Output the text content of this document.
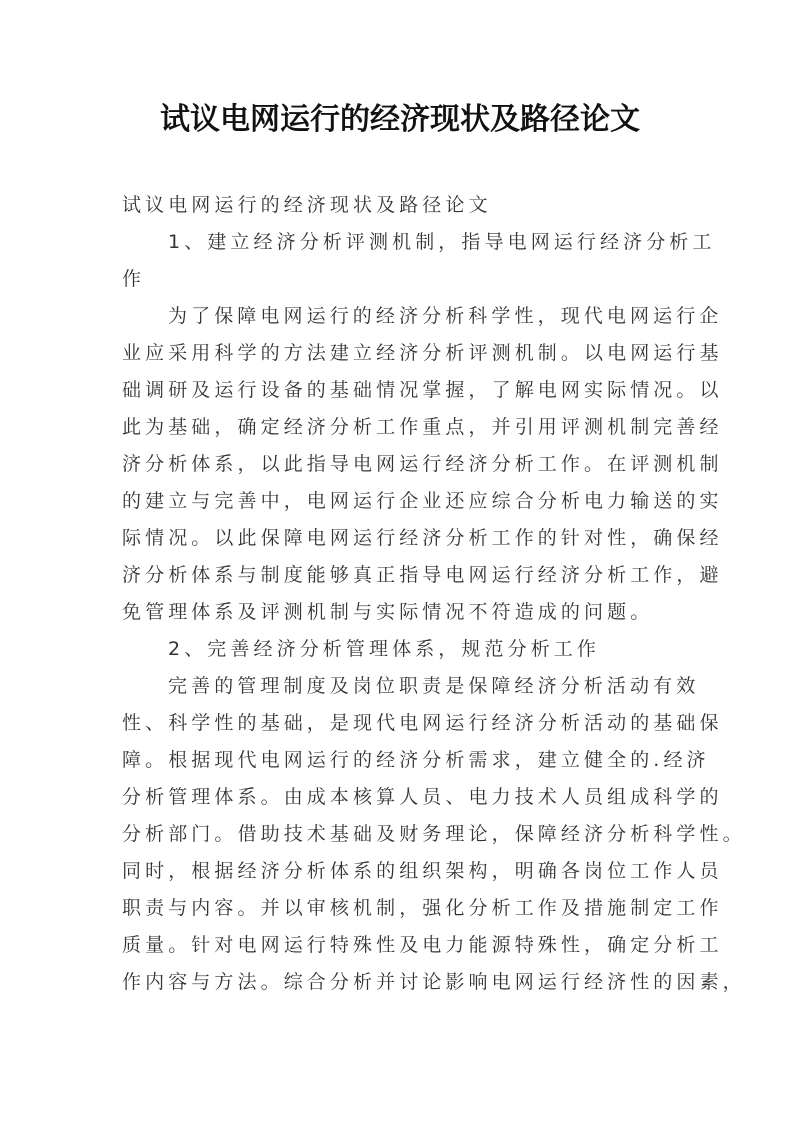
试议电网运行的经济现状及路径论文
试议电网运行的经济现状及路径论文
1、建立经济分析评测机制，指导电网运行经济分析工
作
为了保障电网运行的经济分析科学性，现代电网运行企
业应采用科学的方法建立经济分析评测机制。以电网运行基
础调研及运行设备的基础情况掌握，了解电网实际情况。以
此为基础，确定经济分析工作重点，并引用评测机制完善经
济分析体系，以此指导电网运行经济分析工作。在评测机制
的建立与完善中，电网运行企业还应综合分析电力输送的实
际情况。以此保障电网运行经济分析工作的针对性，确保经
济分析体系与制度能够真正指导电网运行经济分析工作，避
免管理体系及评测机制与实际情况不符造成的问题。
2、完善经济分析管理体系，规范分析工作
完善的管理制度及岗位职责是保障经济分析活动有效
性、科学性的基础，是现代电网运行经济分析活动的基础保
障。根据现代电网运行的经济分析需求，建立健全的.经济
分析管理体系。由成本核算人员、电力技术人员组成科学的
分析部门。借助技术基础及财务理论，保障经济分析科学性。
同时，根据经济分析体系的组织架构，明确各岗位工作人员
职责与内容。并以审核机制，强化分析工作及措施制定工作
质量。针对电网运行特殊性及电力能源特殊性，确定分析工
作内容与方法。综合分析并讨论影响电网运行经济性的因素，
